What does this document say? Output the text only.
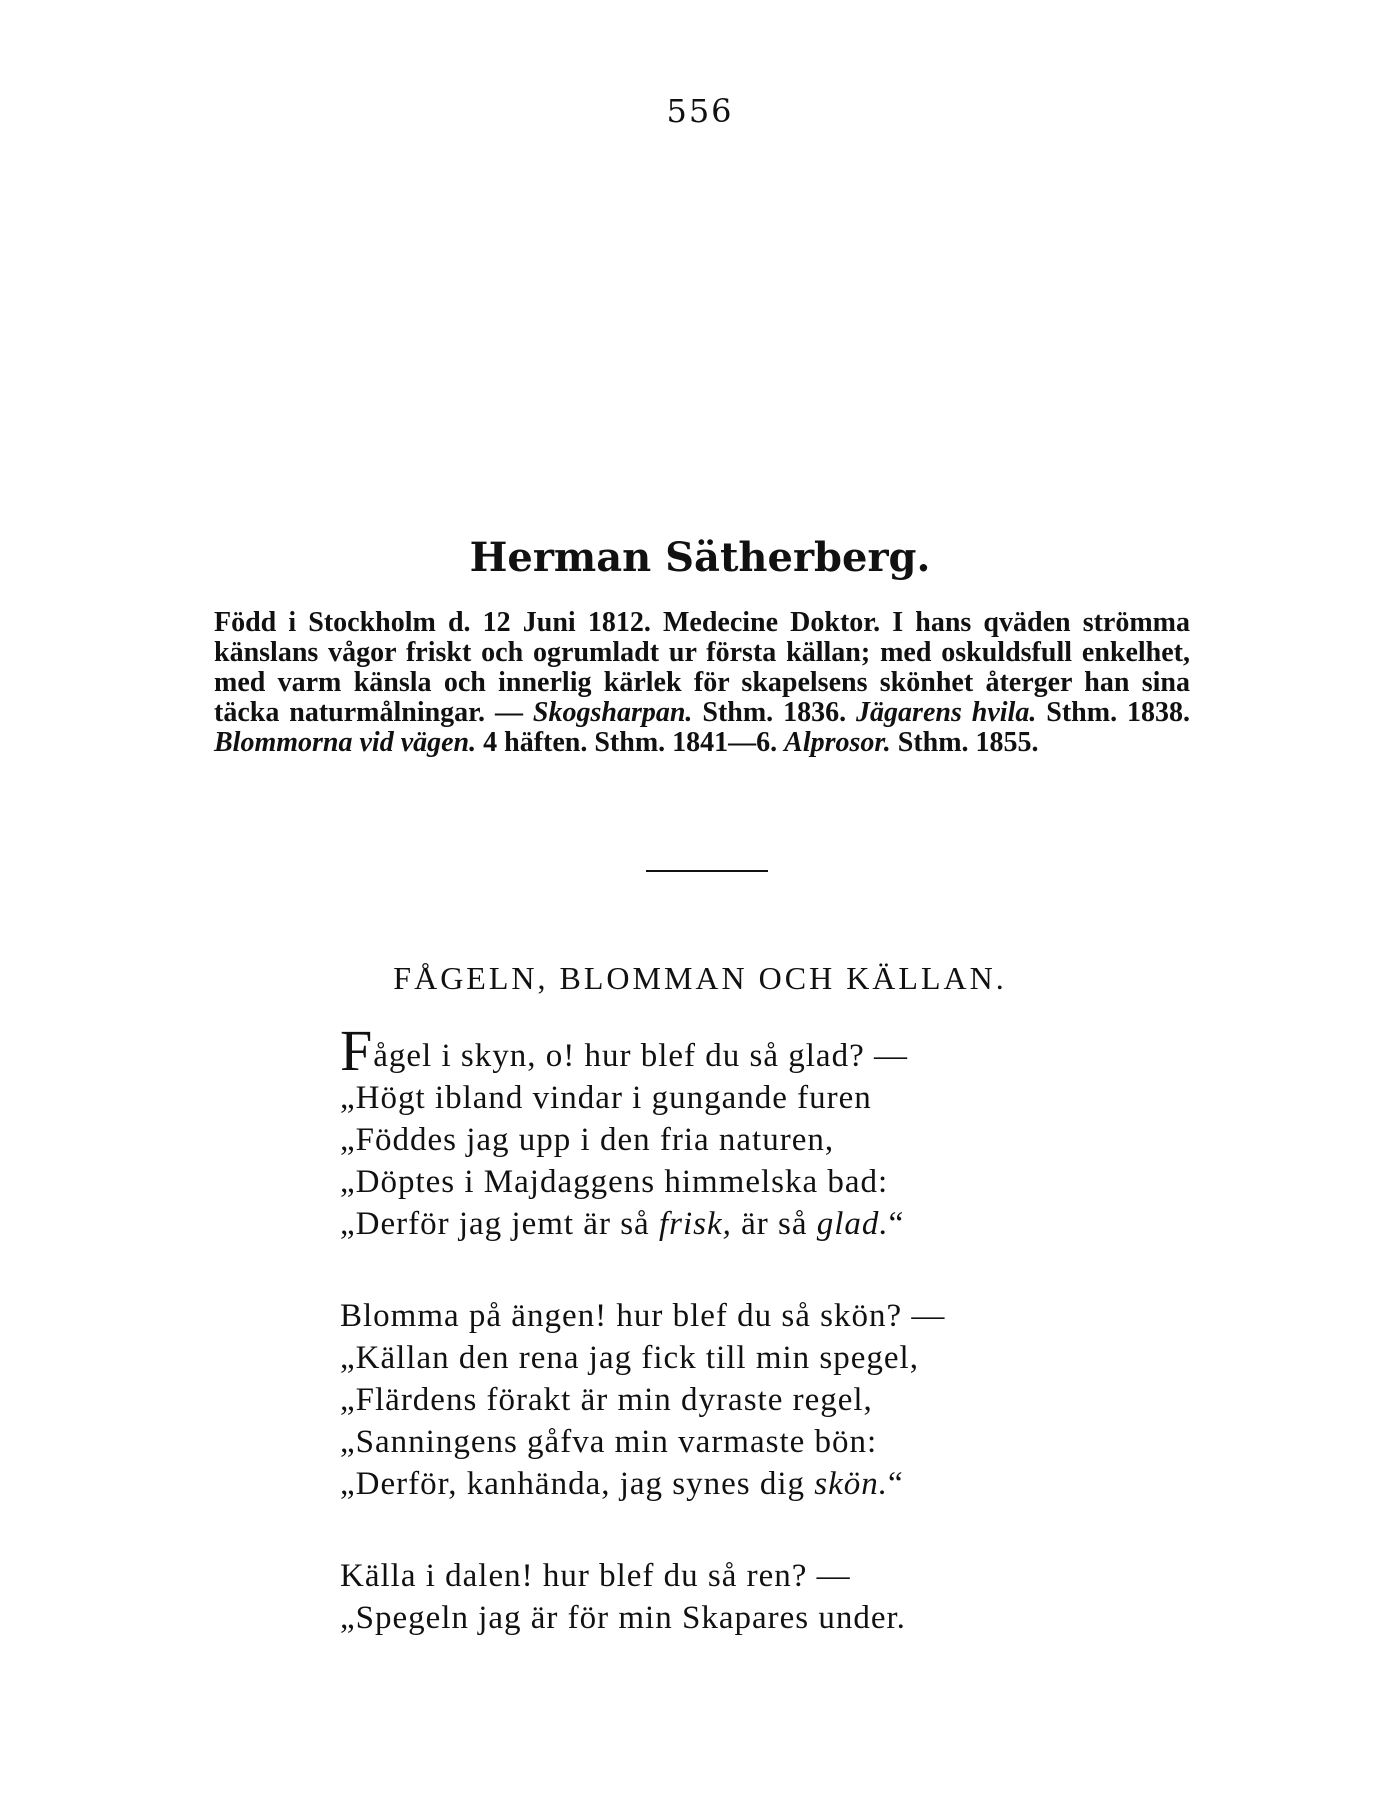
556
Herman Sätherberg.

Född i Stockholm d. 12 Juni 1812. Medecine Doktor. I hans qväden strömma känslans vågor friskt och ogrumladt ur första källan; med oskuldsfull enkelhet, med varm känsla och innerlig kärlek för skapelsens skönhet återger han sina täcka naturmålningar. — Skogsharpan. Sthm. 1836. Jägarens hvila. Sthm. 1838. Blommorna vid vägen. 4 häften. Sthm. 1841—6. Alprosor. Sthm. 1855.

FÅGELN, BLOMMAN OCH KÄLLAN.
Fågel i skyn, o! hur blef du så glad? —
„Högt ibland vindar i gungande furen
„Föddes jag upp i den fria naturen,
„Döptes i Majdaggens himmelska bad:
„Derför jag jemt är så frisk, är så glad.“
Blomma på ängen! hur blef du så skön? —
„Källan den rena jag fick till min spegel,
„Flärdens förakt är min dyraste regel,
„Sanningens gåfva min varmaste bön:
„Derför, kanhända, jag synes dig skön.“
Källa i dalen! hur blef du så ren? —
„Spegeln jag är för min Skapares under.
